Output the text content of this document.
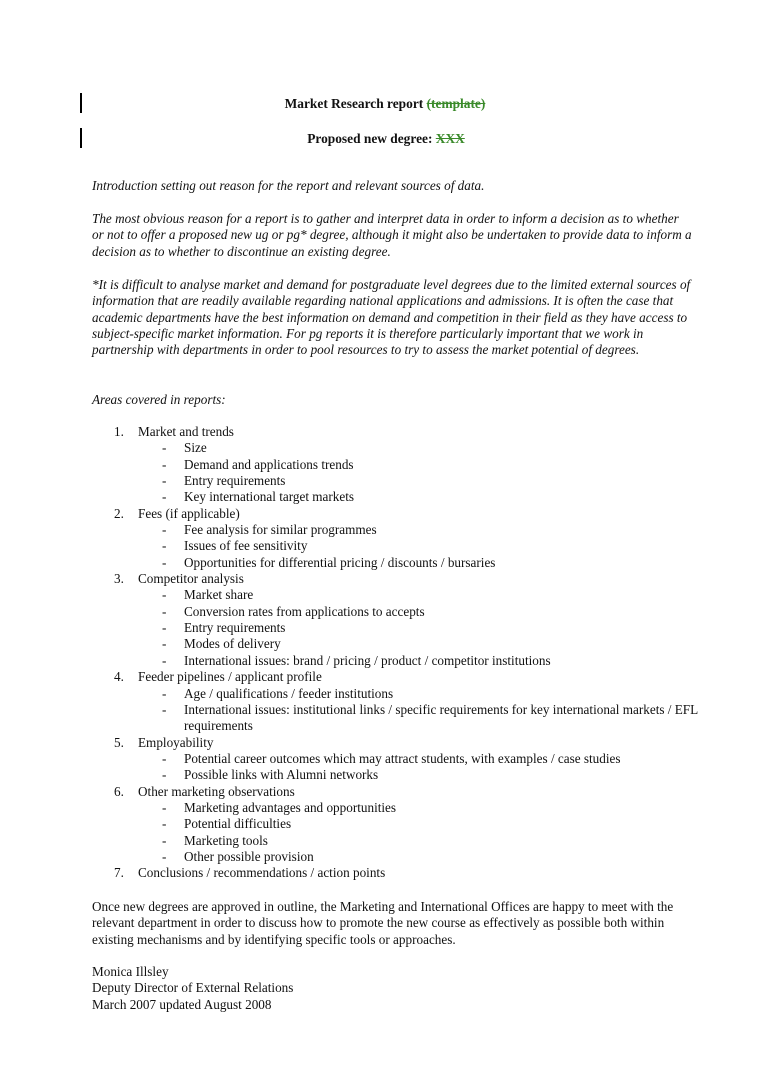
Market Research report (template)
Proposed new degree: XXX

Introduction setting out reason for the report and relevant sources of data.

The most obvious reason for a report is to gather and interpret data in order to inform a decision as to whether or not to offer a proposed new ug or pg* degree, although it might also be undertaken to provide data to inform a decision as to whether to discontinue an existing degree.

*It is difficult to analyse market and demand for postgraduate level degrees due to the limited external sources of information that are readily available regarding national applications and admissions. It is often the case that academic departments have the best information on demand and competition in their field as they have access to subject-specific market information. For pg reports it is therefore particularly important that we work in partnership with departments in order to pool resources to try to assess the market potential of degrees.

Areas covered in reports:

1.	Market and trends
- Size
- Demand and applications trends
- Entry requirements
- Key international target markets
2.	Fees (if applicable)
- Fee analysis for similar programmes
- Issues of fee sensitivity
- Opportunities for differential pricing / discounts / bursaries
3.	Competitor analysis
- Market share
- Conversion rates from applications to accepts
- Entry requirements
- Modes of delivery
- International issues: brand / pricing / product / competitor institutions
4.	Feeder pipelines / applicant profile
- Age / qualifications / feeder institutions
- International issues: institutional links / specific requirements for key international markets / EFL requirements
5.	Employability
- Potential career outcomes which may attract students, with examples / case studies
- Possible links with Alumni networks
6.	Other marketing observations
- Marketing advantages and opportunities
- Potential difficulties
- Marketing tools
- Other possible provision
7.	Conclusions / recommendations / action points

Once new degrees are approved in outline, the Marketing and International Offices are happy to meet with the relevant department in order to discuss how to promote the new course as effectively as possible both within existing mechanisms and by identifying specific tools or approaches.

Monica Illsley
Deputy Director of External Relations
March 2007 updated August 2008
